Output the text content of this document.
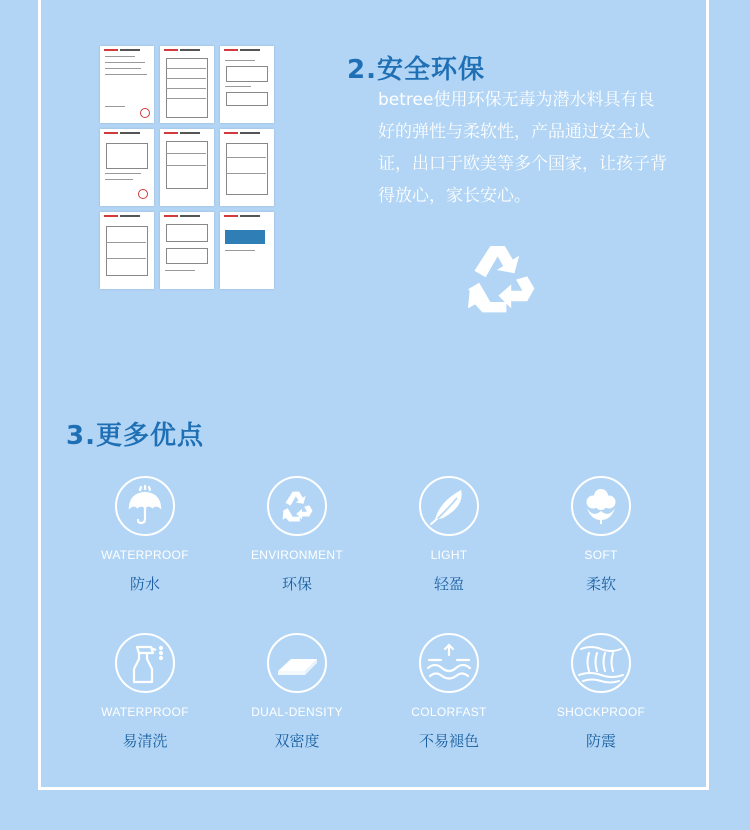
2.安全环保

betree使用环保无毒为潜水料具有良好的弹性与柔软性，产品通过安全认证，出口于欧美等多个国家，让孩子背得放心，家长安心。

3.更多优点
WATERPROOF
防水
ENVIRONMENT
环保
LIGHT
轻盈
SOFT
柔软
WATERPROOF
易清洗
DUAL-DENSITY
双密度
COLORFAST
不易褪色
SHOCKPROOF
防震
